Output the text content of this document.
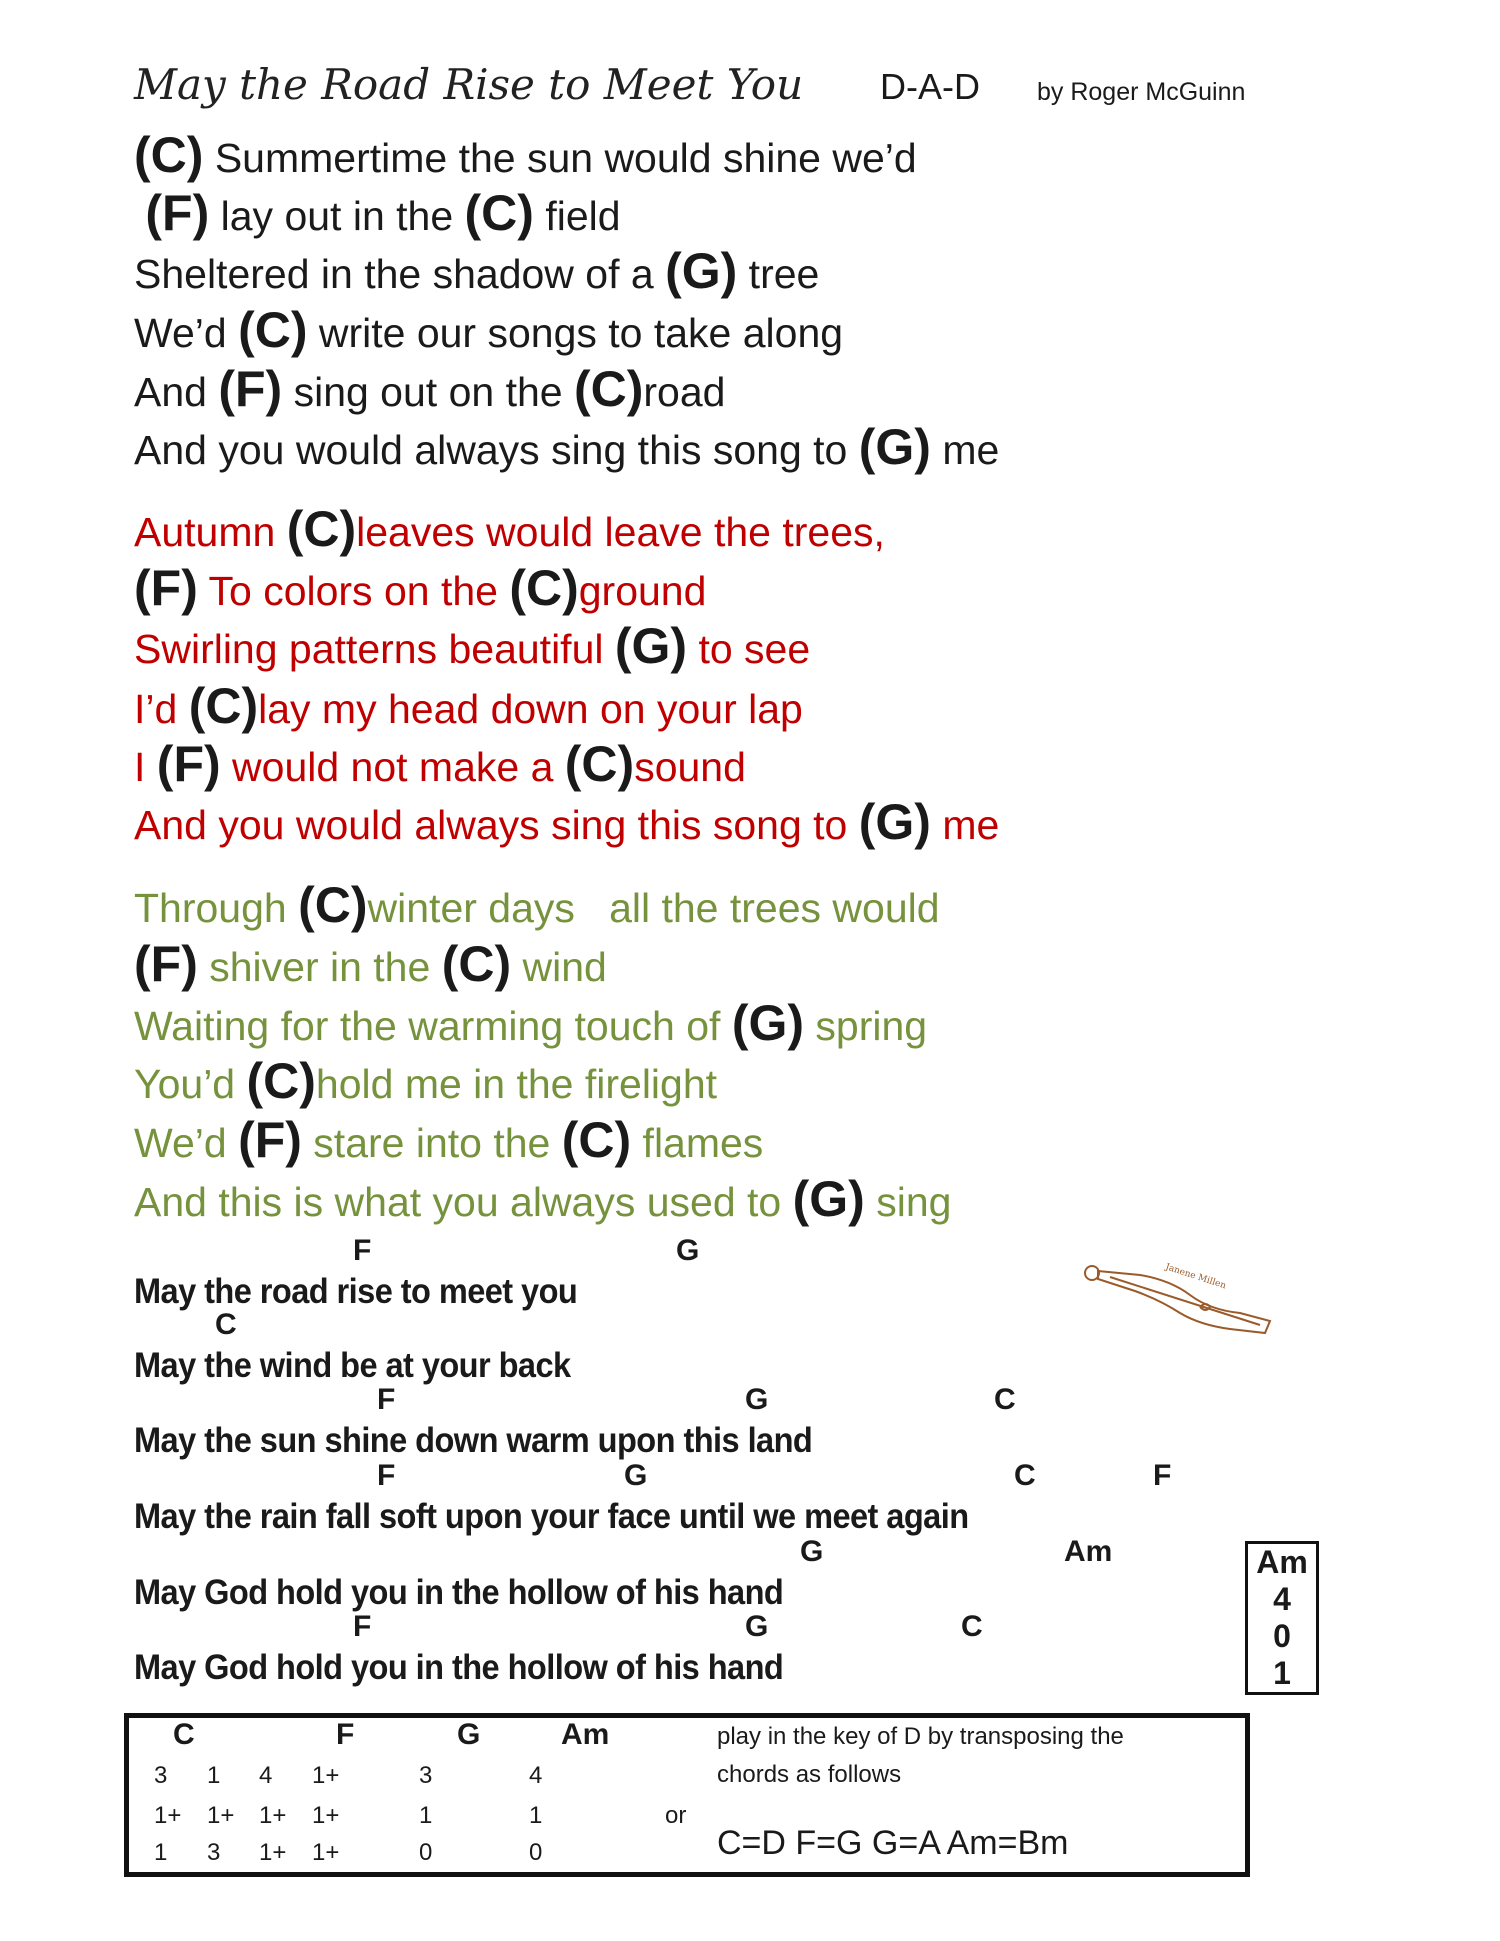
May the Road Rise to Meet You D-A-D by Roger McGuinn
(C) Summertime the sun would shine we’d
(F) lay out in the (C) field
Sheltered in the shadow of a (G) tree
We’d (C) write our songs to take along
And (F) sing out on the (C)road
And you would always sing this song to (G) me
Autumn (C)leaves would leave the trees,
(F) To colors on the (C)ground
Swirling patterns beautiful (G) to see
I’d (C)lay my head down on your lap
I (F) would not make a (C)sound
And you would always sing this song to (G) me
Through (C)winter days   all the trees would
(F) shiver in the (C) wind
Waiting for the warming touch of (G) spring
You’d (C)hold me in the firelight
We’d (F) stare into the (C) flames
And this is what you always used to (G) sing
May the road rise to meet you
F	G
May the wind be at your back
C
May the sun shine down warm upon this land
F	G	C
May the rain fall soft upon your face until we meet again
F	G	C	F
May God hold you in the hollow of his hand
G	Am
May God hold you in the hollow of his hand
F	G	C
Janene Millen
Am
4
0
1
C	F	G	Am
3 1 4 1+	3	4
1+ 1+ 1+ 1+	1	1
1 3 1+ 1+	0	0
or
play in the key of D by transposing the
chords as follows
C=D F=G G=A Am=Bm
